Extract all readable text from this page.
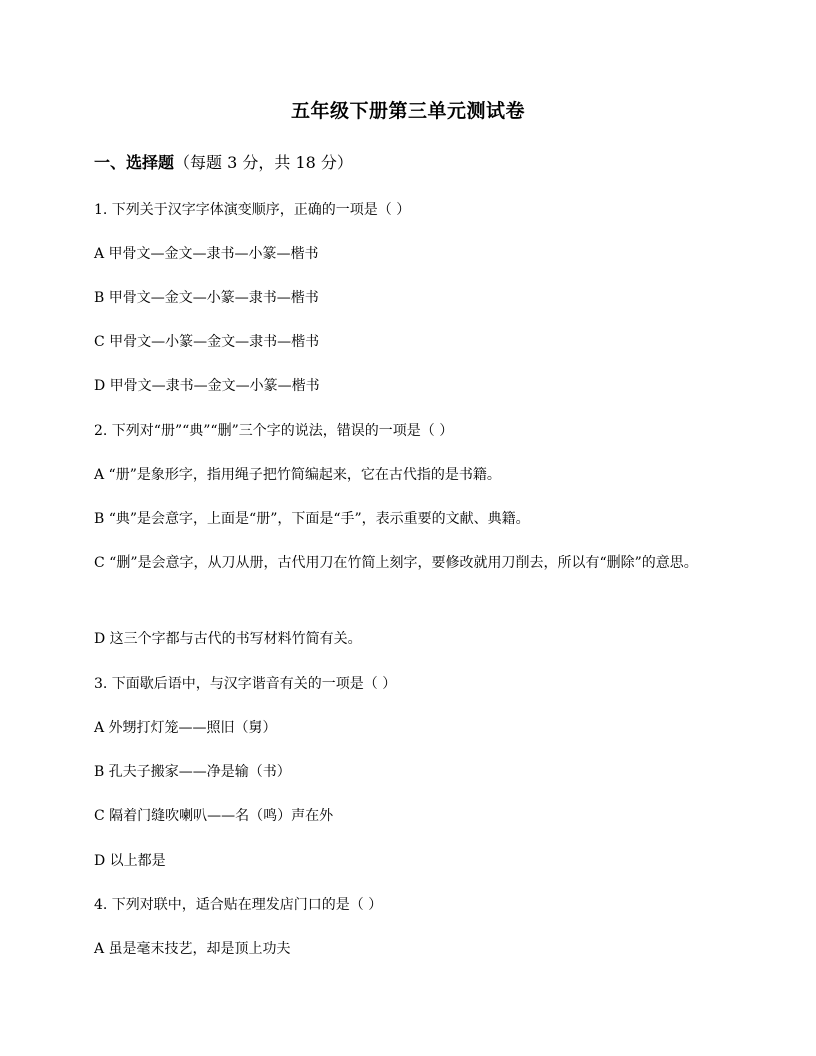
五年级下册第三单元测试卷
一、选择题（每题 3 分，共 18 分）
1. 下列关于汉字字体演变顺序，正确的一项是（ ）
A 甲骨文—金文—隶书—小篆—楷书
B 甲骨文—金文—小篆—隶书—楷书
C 甲骨文—小篆—金文—隶书—楷书
D 甲骨文—隶书—金文—小篆—楷书
2. 下列对“册”“典”“删”三个字的说法，错误的一项是（ ）
A “册”是象形字，指用绳子把竹简编起来，它在古代指的是书籍。
B “典”是会意字，上面是“册”，下面是“手”，表示重要的文献、典籍。
C “删”是会意字，从刀从册，古代用刀在竹简上刻字，要修改就用刀削去，所以有“删除”的意思。
D 这三个字都与古代的书写材料竹简有关。
3. 下面歇后语中，与汉字谐音有关的一项是（ ）
A 外甥打灯笼——照旧（舅）
B 孔夫子搬家——净是输（书）
C 隔着门缝吹喇叭——名（鸣）声在外
D 以上都是
4. 下列对联中，适合贴在理发店门口的是（ ）
A 虽是毫末技艺，却是顶上功夫
